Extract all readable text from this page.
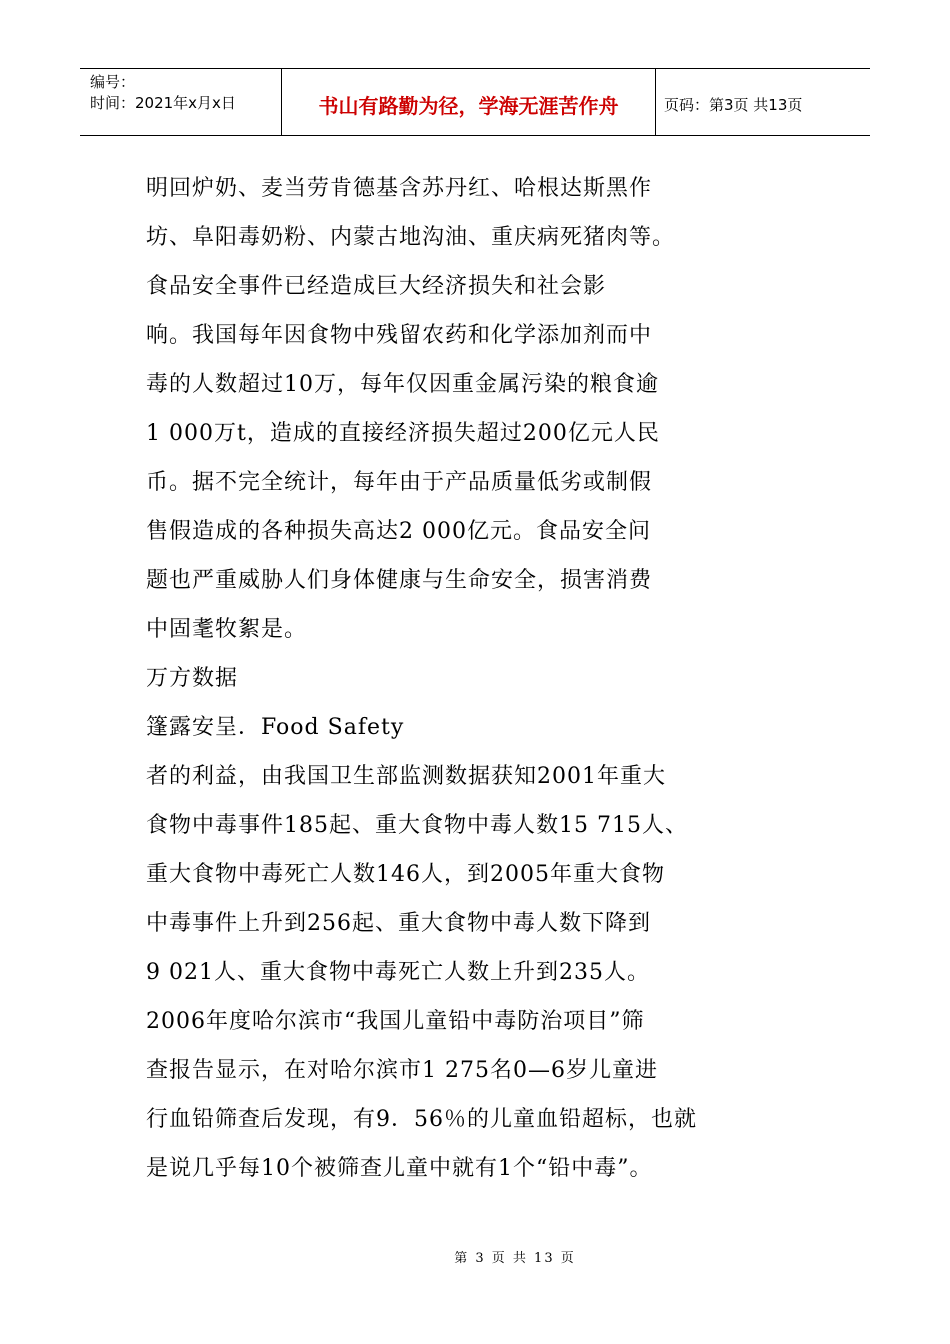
编号：
时间：2021年x月x日	书山有路勤为径，学海无涯苦作舟	页码：第3页 共13页
明回炉奶、麦当劳肯德基含苏丹红、哈根达斯黑作
坊、阜阳毒奶粉、内蒙古地沟油、重庆病死猪肉等。
食品安全事件已经造成巨大经济损失和社会影
响。我国每年因食物中残留农药和化学添加剂而中
毒的人数超过10万，每年仅因重金属污染的粮食逾
1 000万t，造成的直接经济损失超过200亿元人民
币。据不完全统计，每年由于产品质量低劣或制假
售假造成的各种损失高达2 000亿元。食品安全问
题也严重威胁人们身体健康与生命安全，损害消费
中固耄牧絮是。
万方数据
篷露安呈．Food Safety
者的利益，由我国卫生部监测数据获知2001年重大
食物中毒事件185起、重大食物中毒人数15 715人、
重大食物中毒死亡人数146人，到2005年重大食物
中毒事件上升到256起、重大食物中毒人数下降到
9 021人、重大食物中毒死亡人数上升到235人。
2006年度哈尔滨市“我国儿童铅中毒防治项目”筛
查报告显示，在对哈尔滨市1 275名0—6岁儿童进
行血铅筛查后发现，有9．56％的儿童血铅超标，也就
是说几乎每10个被筛查儿童中就有1个“铅中毒”。
第 3 页 共 13 页
